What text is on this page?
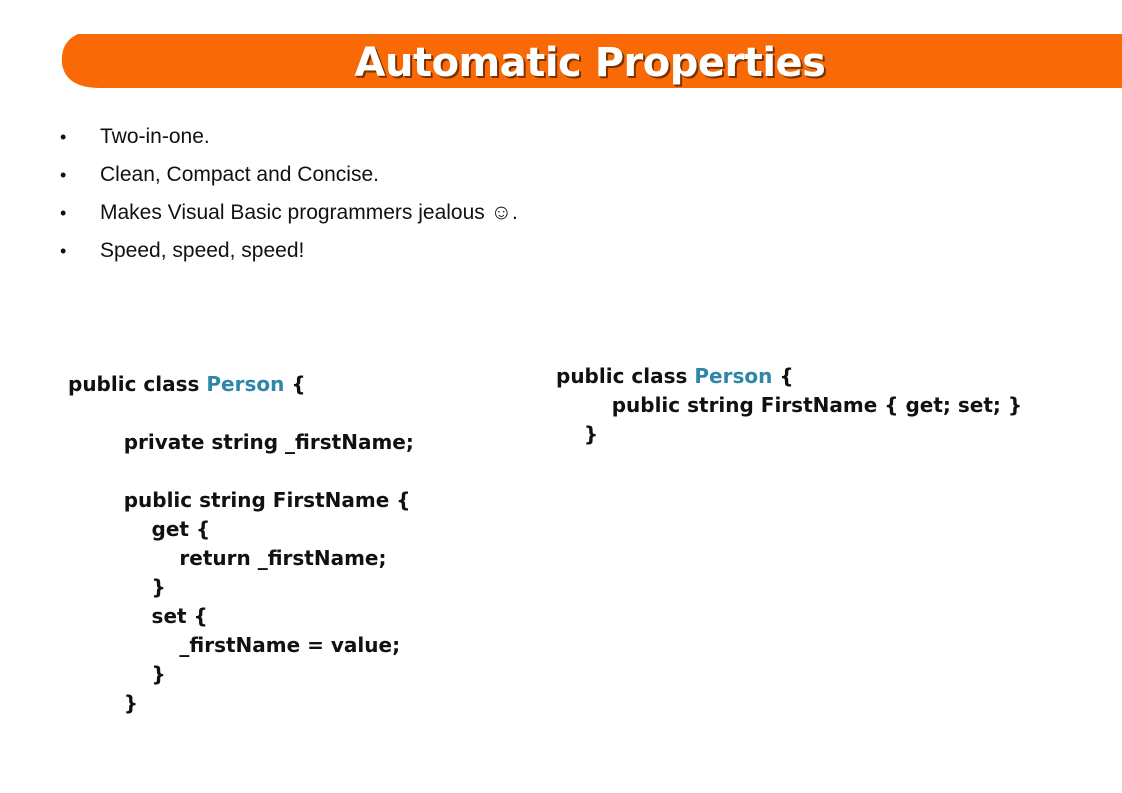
Automatic Properties
• Two-in-one.
• Clean, Compact and Concise.
• Makes Visual Basic programmers jealous ☺.
• Speed, speed, speed!
public class Person {

private string _firstName;

public string FirstName {
get {
return _firstName;
}
set {
_firstName = value;
}
}
public class Person {
public string FirstName { get; set; }
}
